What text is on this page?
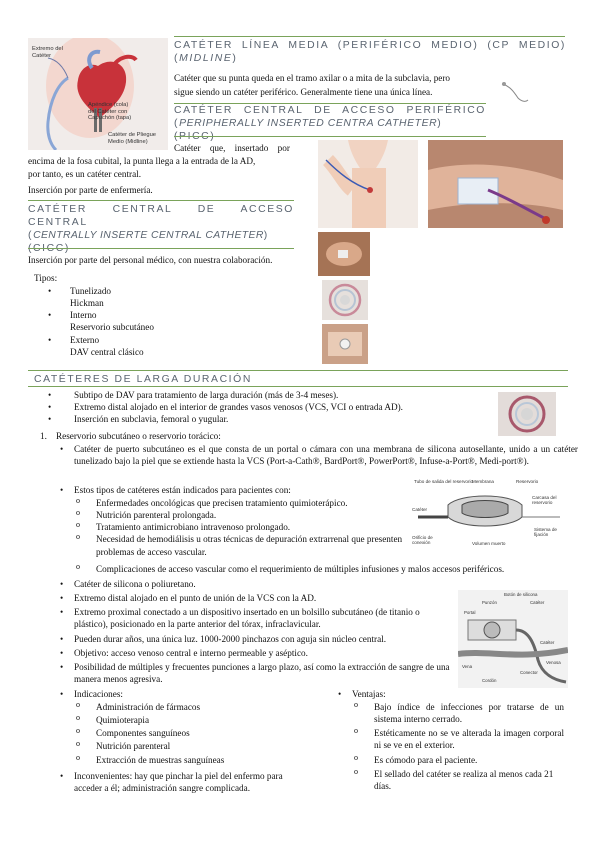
Extremo del
Catéter
Apéndice (cola)
del Catéter con
Capuchón (tapa)
Catéter de Pliegue
Medio (Midline)
CATÉTER LÍNEA MEDIA (PERIFÉRICO MEDIO) (CP MEDIO) (MIDLINE)
Catéter que su punta queda en el tramo axilar o a mita de la subclavia, pero
sigue siendo un catéter periférico. Generalmente tiene una única línea.
CATÉTER CENTRAL DE ACCESO PERIFÉRICO
(PERIPHERALLY INSERTED CENTRA CATHETER) (PICC)
Catéter que, insertado por
encima de la fosa cubital, la punta llega a la entrada de la AD,
por tanto, es un catéter central.
Inserción por parte de enfermería.
CATÉTER CENTRAL DE ACCESO CENTRAL
(CENTRALLY INSERTE CENTRAL CATHETER)
(CICC)
Inserción por parte del personal médico, con nuestra colaboración.
Tipos:
• Tunelizado
Hickman
• Interno
Reservorio subcutáneo
• Externo
DAV central clásico
CATÉTERES DE LARGA DURACIÓN
• Subtipo de DAV para tratamiento de larga duración (más de 3-4 meses).
• Extremo distal alojado en el interior de grandes vasos venosos (VCS, VCI o entrada AD).
• Inserción en subclavia, femoral o yugular.
1. Reservorio subcutáneo o reservorio torácico:
• Catéter de puerto subcutáneo es el que consta de un portal o cámara con una membrana de silicona autosellante, unido a un catéter tunelizado bajo la piel que se extiende hasta la VCS (Port-a-Cath®, BardPort®, PowerPort®, Infuse-a-Port®, Medi-port®).
• Estos tipos de catéteres están indicados para pacientes con:
o Enfermedades oncológicas que precisen tratamiento quimioterápico.
o Nutrición parenteral prolongada.
o Tratamiento antimicrobiano intravenoso prolongado.
o Necesidad de hemodiálisis u otras técnicas de depuración extrarrenal que presenten problemas de acceso vascular.
o Complicaciones de acceso vascular como el requerimiento de múltiples infusiones y malos accesos periféricos.
Tubo de salida del reservorio
Membrana	Reservorio
Catéter
Carcasa del reservorio
Orificio de conexión	Volumen muerto
Sistema de fijación
• Catéter de silicona o poliuretano.
• Extremo distal alojado en el punto de unión de la VCS con la AD.
• Extremo proximal conectado a un dispositivo insertado en un bolsillo subcutáneo (de titanio o plástico), posicionado en la parte anterior del tórax, infraclavicular.
• Pueden durar años, una única luz. 1000-2000 pinchazos con aguja sin núcleo central.
• Objetivo: acceso venoso central e interno permeable y aséptico.
• Posibilidad de múltiples y frecuentes punciones a largo plazo, así como la extracción de sangre de una manera menos agresiva.
Botón de silicona
Punzón	Catéter
Portal
Vena
Catéter
Conector
Cordón
Venosa
• Indicaciones:
o Administración de fármacos
o Quimioterapia
o Componentes sanguíneos
o Nutrición parenteral
o Extracción de muestras sanguíneas
• Inconvenientes: hay que pinchar la piel del enfermo para acceder a él; administración sangre complicada.
• Ventajas:
o Bajo índice de infecciones por tratarse de un sistema interno cerrado.
o Estéticamente no se ve alterada la imagen corporal ni se ve en el exterior.
o Es cómodo para el paciente.
o El sellado del catéter se realiza al menos cada 21 días.
